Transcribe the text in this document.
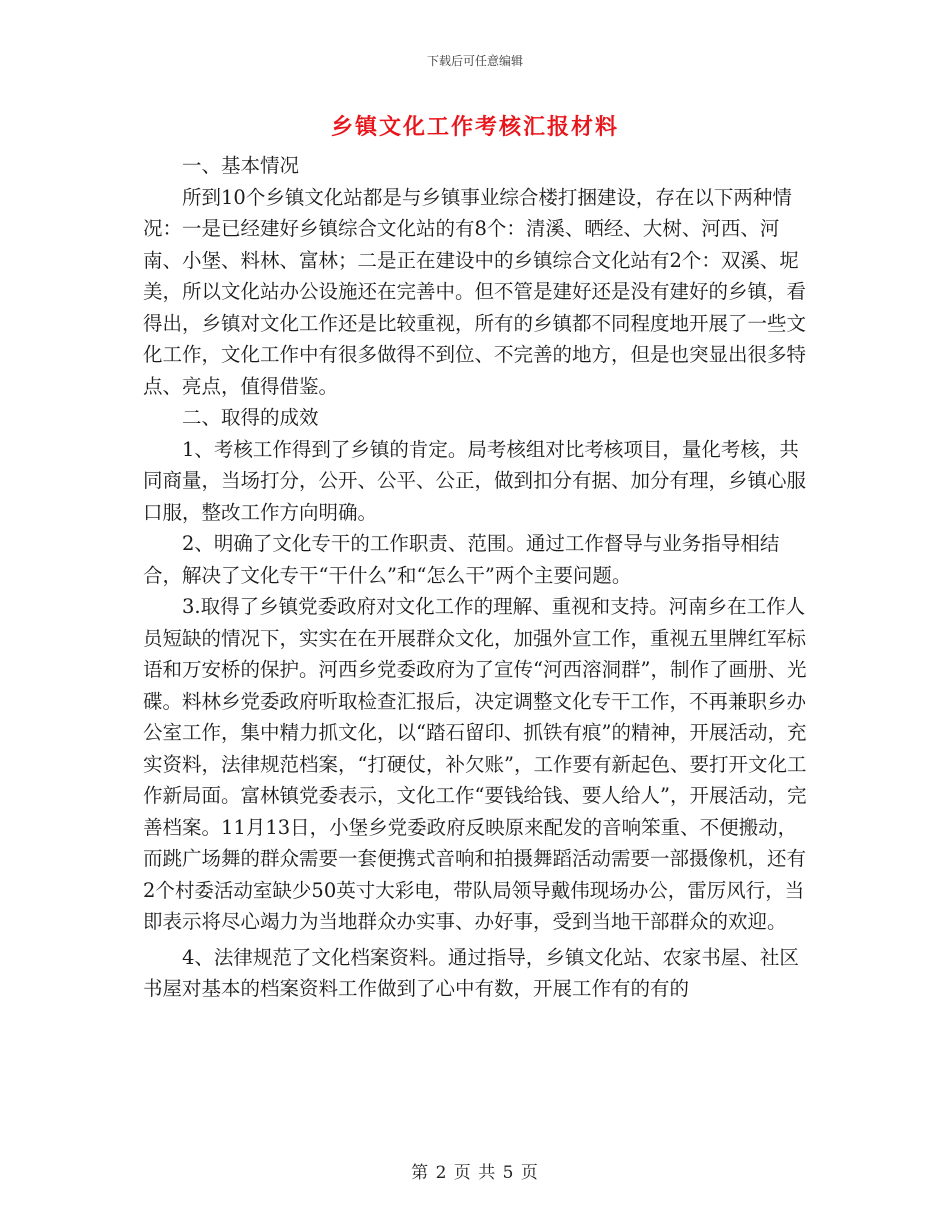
下载后可任意编辑
乡镇文化工作考核汇报材料

一、基本情况

所到10个乡镇文化站都是与乡镇事业综合楼打捆建设，存在以下两种情况：一是已经建好乡镇综合文化站的有8个：清溪、晒经、大树、河西、河南、小堡、料林、富林；二是正在建设中的乡镇综合文化站有2个：双溪、坭美，所以文化站办公设施还在完善中。但不管是建好还是没有建好的乡镇，看得出，乡镇对文化工作还是比较重视，所有的乡镇都不同程度地开展了一些文化工作，文化工作中有很多做得不到位、不完善的地方，但是也突显出很多特点、亮点，值得借鉴。

二、取得的成效

1、考核工作得到了乡镇的肯定。局考核组对比考核项目，量化考核，共同商量，当场打分，公开、公平、公正，做到扣分有据、加分有理，乡镇心服口服，整改工作方向明确。

2、明确了文化专干的工作职责、范围。通过工作督导与业务指导相结合，解决了文化专干“干什么”和“怎么干”两个主要问题。

3.取得了乡镇党委政府对文化工作的理解、重视和支持。河南乡在工作人员短缺的情况下，实实在在开展群众文化，加强外宣工作，重视五里牌红军标语和万安桥的保护。河西乡党委政府为了宣传“河西溶洞群”，制作了画册、光碟。料林乡党委政府听取检查汇报后，决定调整文化专干工作，不再兼职乡办公室工作，集中精力抓文化，以“踏石留印、抓铁有痕”的精神，开展活动，充实资料，法律规范档案，“打硬仗，补欠账”，工作要有新起色、要打开文化工作新局面。富林镇党委表示，文化工作“要钱给钱、要人给人”，开展活动，完善档案。11月13日，小堡乡党委政府反映原来配发的音响笨重、不便搬动，而跳广场舞的群众需要一套便携式音响和拍摄舞蹈活动需要一部摄像机，还有2个村委活动室缺少50英寸大彩电，带队局领导戴伟现场办公，雷厉风行，当即表示将尽心竭力为当地群众办实事、办好事，受到当地干部群众的欢迎。

4、法律规范了文化档案资料。通过指导，乡镇文化站、农家书屋、社区书屋对基本的档案资料工作做到了心中有数，开展工作有的有的

第 2 页 共 5 页
